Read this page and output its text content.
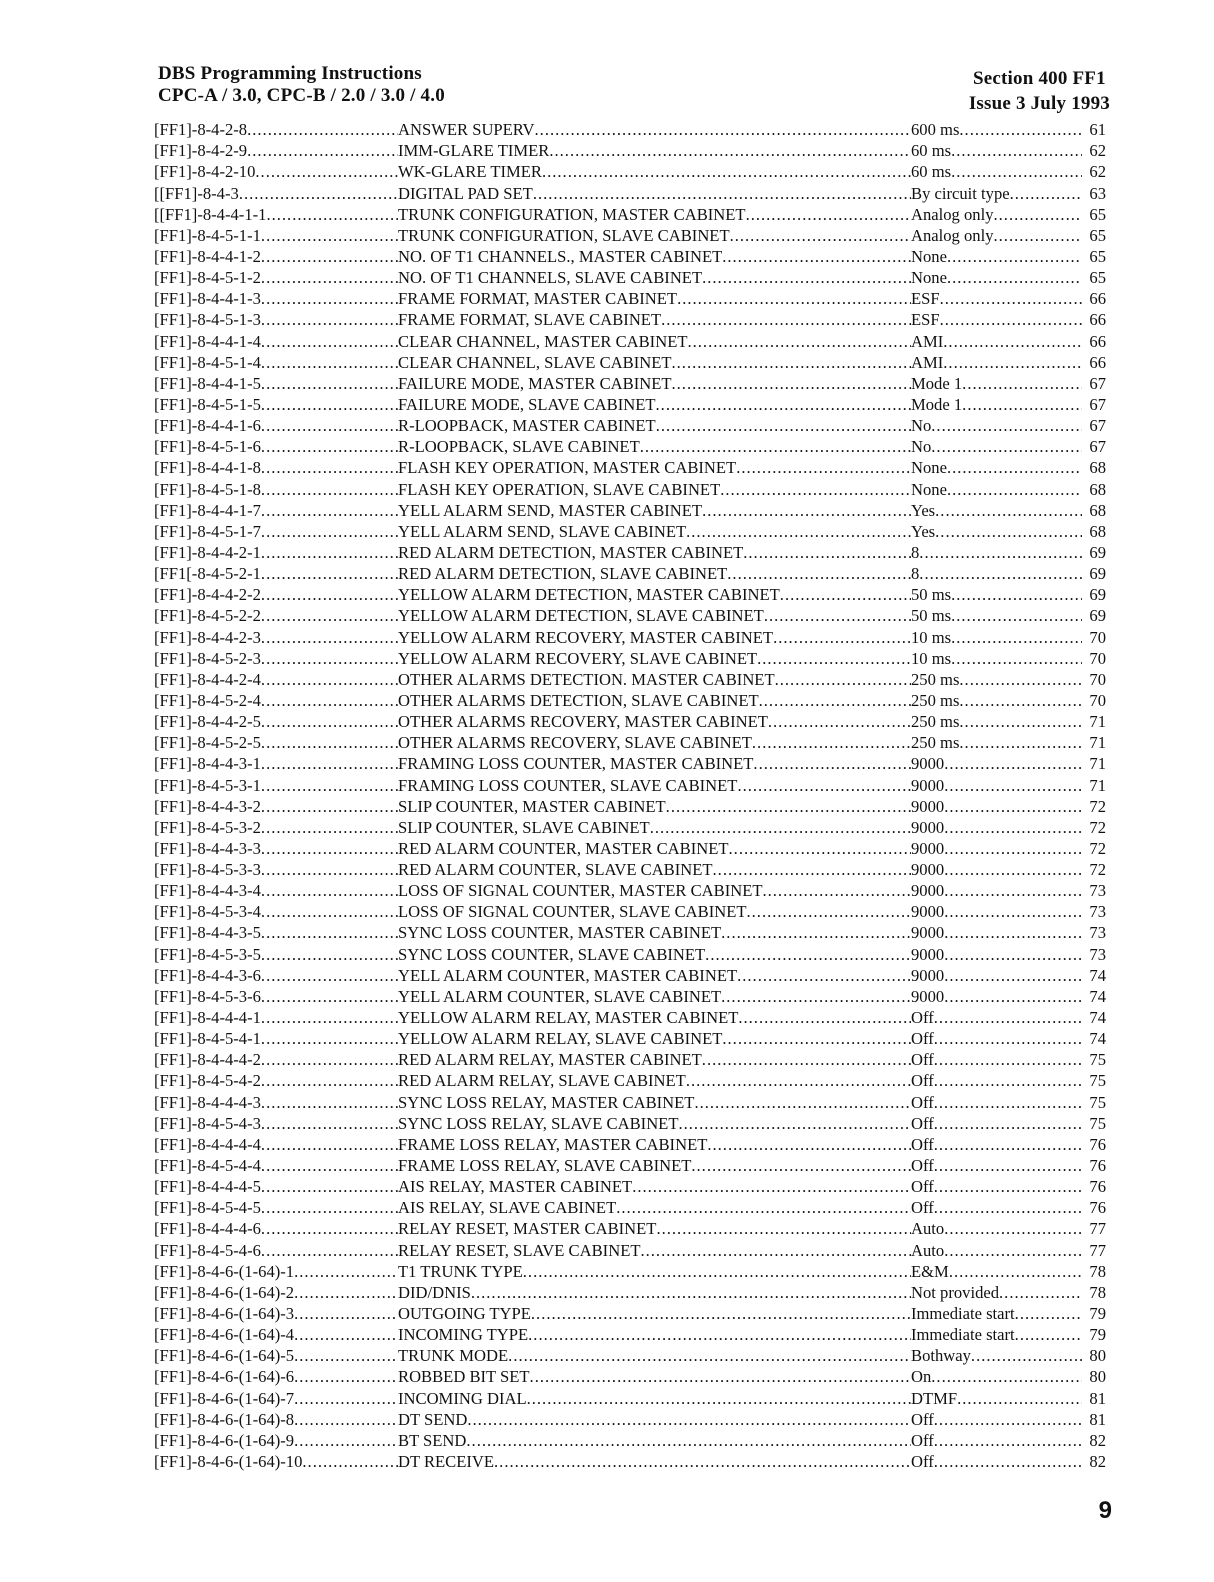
DBS Programming Instructions
CPC-A / 3.0, CPC-B / 2.0 / 3.0 / 4.0
Section 400 FF1
Issue 3 July 1993
[FF1]-8-4-2-8 .....	ANSWER SUPERV .....	600 ms .....	61
[FF1]-8-4-2-9 .....	IMM-GLARE TIMER .....	60 ms .....	62
[FF1]-8-4-2-10 .....	WK-GLARE TIMER .....	60 ms .....	62
[[FF1]-8-4-3 .....	DIGITAL PAD SET .....	By circuit type .....	63
[[FF1]-8-4-4-1-1 .....	TRUNK CONFIGURATION, MASTER CABINET .....	Analog only .....	65
[FF1]-8-4-5-1-1 .....	TRUNK CONFIGURATION, SLAVE CABINET .....	Analog only .....	65
[FF1]-8-4-4-1-2 .....	NO. OF T1 CHANNELS., MASTER CABINET .....	None .....	65
[FF1]-8-4-5-1-2 .....	NO. OF T1 CHANNELS, SLAVE CABINET .....	None .....	65
[FF1]-8-4-4-1-3 .....	FRAME FORMAT, MASTER CABINET .....	ESF .....	66
[FF1]-8-4-5-1-3 .....	FRAME FORMAT, SLAVE CABINET .....	ESF .....	66
[FF1]-8-4-4-1-4 .....	CLEAR CHANNEL, MASTER CABINET .....	AMI .....	66
[FF1]-8-4-5-1-4 .....	CLEAR CHANNEL, SLAVE CABINET .....	AMI .....	66
[FF1]-8-4-4-1-5 .....	FAILURE MODE, MASTER CABINET .....	Mode 1 .....	67
[FF1]-8-4-5-1-5 .....	FAILURE MODE, SLAVE CABINET .....	Mode 1 .....	67
[FF1]-8-4-4-1-6 .....	R-LOOPBACK, MASTER CABINET .....	No .....	67
[FF1]-8-4-5-1-6 .....	R-LOOPBACK, SLAVE CABINET .....	No .....	67
[FF1]-8-4-4-1-8 .....	FLASH KEY OPERATION, MASTER CABINET .....	None .....	68
[FF1]-8-4-5-1-8 .....	FLASH KEY OPERATION, SLAVE CABINET .....	None .....	68
[FF1]-8-4-4-1-7 .....	YELL ALARM SEND, MASTER CABINET .....	Yes .....	68
[FF1]-8-4-5-1-7 .....	YELL ALARM SEND, SLAVE CABINET .....	Yes .....	68
[FF1]-8-4-4-2-1 .....	RED ALARM DETECTION, MASTER CABINET .....	8 .....	69
[FF1[-8-4-5-2-1 .....	RED ALARM DETECTION, SLAVE CABINET .....	8 .....	69
[FF1]-8-4-4-2-2 .....	YELLOW ALARM DETECTION, MASTER CABINET .....	50 ms .....	69
[FF1]-8-4-5-2-2 .....	YELLOW ALARM DETECTION, SLAVE CABINET .....	50 ms .....	69
[FF1]-8-4-4-2-3 .....	YELLOW ALARM RECOVERY, MASTER CABINET .....	10 ms .....	70
[FF1]-8-4-5-2-3 .....	YELLOW ALARM RECOVERY, SLAVE CABINET .....	10 ms .....	70
[FF1]-8-4-4-2-4 .....	OTHER ALARMS DETECTION. MASTER CABINET .....	250 ms .....	70
[FF1]-8-4-5-2-4 .....	OTHER ALARMS DETECTION, SLAVE CABINET .....	250 ms .....	70
[FF1]-8-4-4-2-5 .....	OTHER ALARMS RECOVERY, MASTER CABINET .....	250 ms .....	71
[FF1]-8-4-5-2-5 .....	OTHER ALARMS RECOVERY, SLAVE CABINET .....	250 ms .....	71
[FF1]-8-4-4-3-1 .....	FRAMING LOSS COUNTER, MASTER CABINET .....	9000 .....	71
[FF1]-8-4-5-3-1 .....	FRAMING LOSS COUNTER, SLAVE CABINET .....	9000 .....	71
[FF1]-8-4-4-3-2 .....	SLIP COUNTER, MASTER CABINET .....	9000 .....	72
[FF1]-8-4-5-3-2 .....	SLIP COUNTER, SLAVE CABINET .....	9000 .....	72
[FF1]-8-4-4-3-3 .....	RED ALARM COUNTER, MASTER CABINET .....	9000 .....	72
[FF1]-8-4-5-3-3 .....	RED ALARM COUNTER, SLAVE CABINET .....	9000 .....	72
[FF1]-8-4-4-3-4 .....	LOSS OF SIGNAL COUNTER, MASTER CABINET .....	9000 .....	73
[FF1]-8-4-5-3-4 .....	LOSS OF SIGNAL COUNTER, SLAVE CABINET .....	9000 .....	73
[FF1]-8-4-4-3-5 .....	SYNC LOSS COUNTER, MASTER CABINET .....	9000 .....	73
[FF1]-8-4-5-3-5 .....	SYNC LOSS COUNTER, SLAVE CABINET .....	9000 .....	73
[FF1]-8-4-4-3-6 .....	YELL ALARM COUNTER, MASTER CABINET .....	9000 .....	74
[FF1]-8-4-5-3-6 .....	YELL ALARM COUNTER, SLAVE CABINET .....	9000 .....	74
[FF1]-8-4-4-4-1 .....	YELLOW ALARM RELAY, MASTER CABINET .....	Off .....	74
[FF1]-8-4-5-4-1 .....	YELLOW ALARM RELAY, SLAVE CABINET .....	Off .....	74
[FF1]-8-4-4-4-2 .....	RED ALARM RELAY, MASTER CABINET .....	Off .....	75
[FF1]-8-4-5-4-2 .....	RED ALARM RELAY, SLAVE CABINET .....	Off .....	75
[FF1]-8-4-4-4-3 .....	SYNC LOSS RELAY, MASTER CABINET .....	Off .....	75
[FF1]-8-4-5-4-3 .....	SYNC LOSS RELAY, SLAVE CABINET .....	Off .....	75
[FF1]-8-4-4-4-4 .....	FRAME LOSS RELAY, MASTER CABINET .....	Off .....	76
[FF1]-8-4-5-4-4 .....	FRAME LOSS RELAY, SLAVE CABINET .....	Off .....	76
[FF1]-8-4-4-4-5 .....	AIS RELAY, MASTER CABINET .....	Off .....	76
[FF1]-8-4-5-4-5 .....	AIS RELAY, SLAVE CABINET .....	Off .....	76
[FF1]-8-4-4-4-6 .....	RELAY RESET, MASTER CABINET .....	Auto .....	77
[FF1]-8-4-5-4-6 .....	RELAY RESET, SLAVE CABINET .....	Auto .....	77
[FF1]-8-4-6-(1-64)-1 .....	T1 TRUNK TYPE .....	E&M .....	78
[FF1]-8-4-6-(1-64)-2 .....	DID/DNIS .....	Not provided .....	78
[FF1]-8-4-6-(1-64)-3 .....	OUTGOING TYPE .....	Immediate start .....	79
[FF1]-8-4-6-(1-64)-4 .....	INCOMING TYPE .....	Immediate start .....	79
[FF1]-8-4-6-(1-64)-5 .....	TRUNK MODE .....	Bothway .....	80
[FF1]-8-4-6-(1-64)-6 .....	ROBBED BIT SET .....	On .....	80
[FF1]-8-4-6-(1-64)-7 .....	INCOMING DIAL .....	DTMF .....	81
[FF1]-8-4-6-(1-64)-8 .....	DT SEND .....	Off .....	81
[FF1]-8-4-6-(1-64)-9 .....	BT SEND .....	Off .....	82
[FF1]-8-4-6-(1-64)-10 .....	DT RECEIVE .....	Off .....	82
9
